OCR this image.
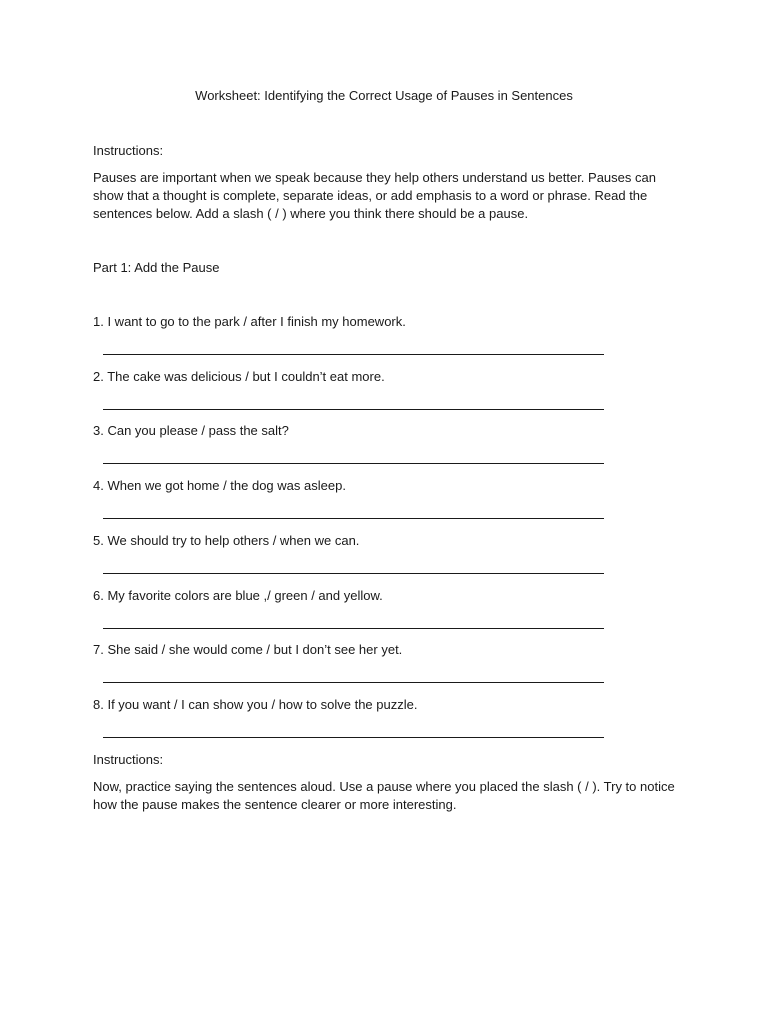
Worksheet: Identifying the Correct Usage of Pauses in Sentences

Instructions:

Pauses are important when we speak because they help others understand us better. Pauses can show that a thought is complete, separate ideas, or add emphasis to a word or phrase. Read the sentences below. Add a slash ( / ) where you think there should be a pause.

Part 1: Add the Pause

1. I want to go to the park / after I finish my homework.

2. The cake was delicious / but I couldn’t eat more.

3. Can you please / pass the salt?

4. When we got home / the dog was asleep.

5. We should try to help others / when we can.

6. My favorite colors are blue ,/ green / and yellow.

7. She said / she would come / but I don’t see her yet.

8. If you want / I can show you / how to solve the puzzle.

Instructions:

Now, practice saying the sentences aloud. Use a pause where you placed the slash ( / ). Try to notice how the pause makes the sentence clearer or more interesting.
